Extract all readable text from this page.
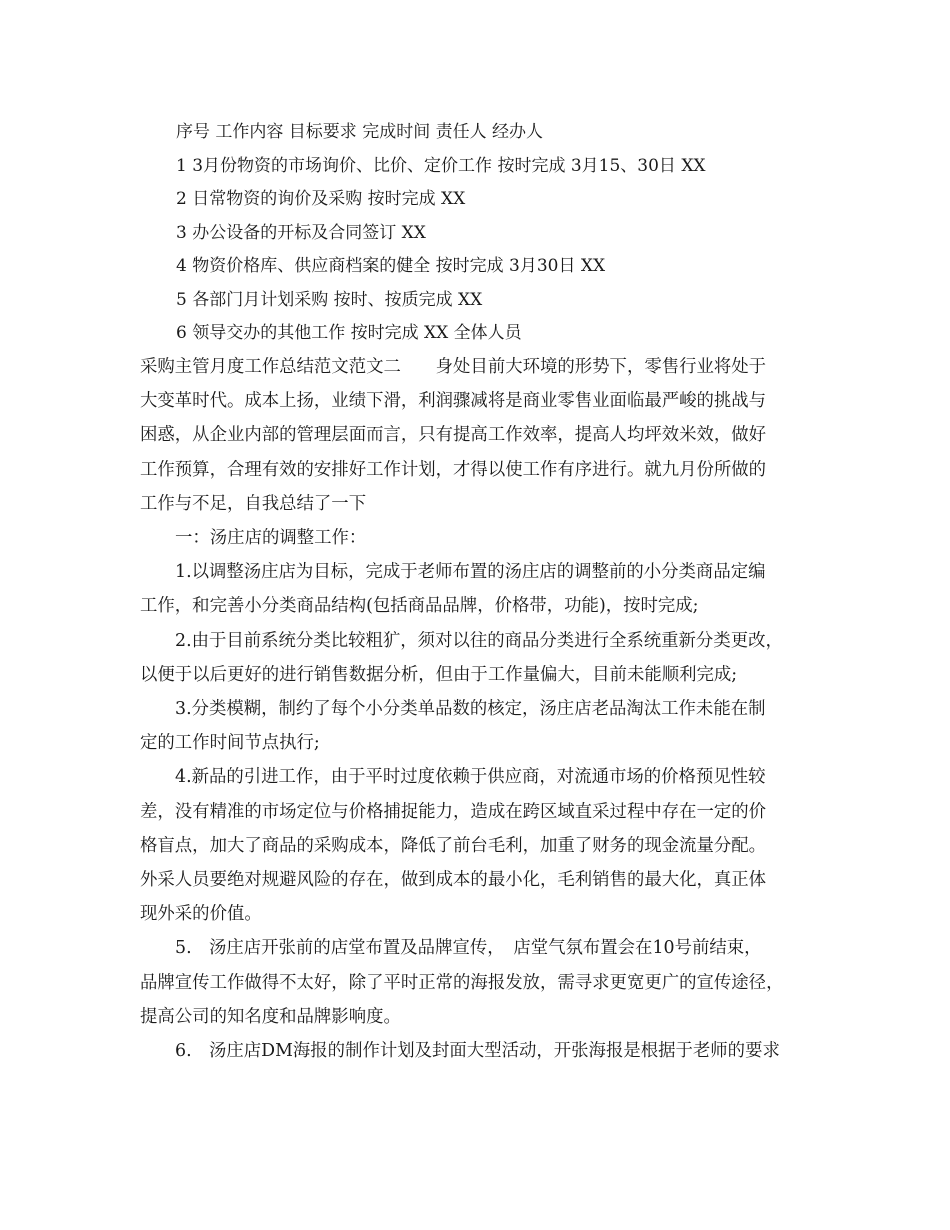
序号 工作内容 目标要求 完成时间 责任人 经办人
1 3月份物资的市场询价、比价、定价工作 按时完成 3月15、30日 XX
2 日常物资的询价及采购 按时完成 XX
3 办公设备的开标及合同签订 XX
4 物资价格库、供应商档案的健全 按时完成 3月30日 XX
5 各部门月计划采购 按时、按质完成 XX
6 领导交办的其他工作 按时完成 XX 全体人员

采购主管月度工作总结范文范文二　　身处目前大环境的形势下，零售行业将处于
大变革时代。成本上扬，业绩下滑，利润骤减将是商业零售业面临最严峻的挑战与
困惑，从企业内部的管理层面而言，只有提高工作效率，提高人均坪效米效，做好
工作预算，合理有效的安排好工作计划，才得以使工作有序进行。就九月份所做的
工作与不足，自我总结了一下

一：汤庄店的调整工作：

1.以调整汤庄店为目标，完成于老师布置的汤庄店的调整前的小分类商品定编
工作，和完善小分类商品结构(包括商品品牌，价格带，功能)，按时完成;

2.由于目前系统分类比较粗犷，须对以往的商品分类进行全系统重新分类更改，
以便于以后更好的进行销售数据分析，但由于工作量偏大，目前未能顺利完成;

3.分类模糊，制约了每个小分类单品数的核定，汤庄店老品淘汰工作未能在制
定的工作时间节点执行;

4.新品的引进工作，由于平时过度依赖于供应商，对流通市场的价格预见性较
差，没有精准的市场定位与价格捕捉能力，造成在跨区域直采过程中存在一定的价
格盲点，加大了商品的采购成本，降低了前台毛利，加重了财务的现金流量分配。
外采人员要绝对规避风险的存在，做到成本的最小化，毛利销售的最大化，真正体
现外采的价值。

5.　汤庄店开张前的店堂布置及品牌宣传，　店堂气氛布置会在10号前结束，
品牌宣传工作做得不太好，除了平时正常的海报发放，需寻求更宽更广的宣传途径，
提高公司的知名度和品牌影响度。

6.　汤庄店DM海报的制作计划及封面大型活动，开张海报是根据于老师的要求
